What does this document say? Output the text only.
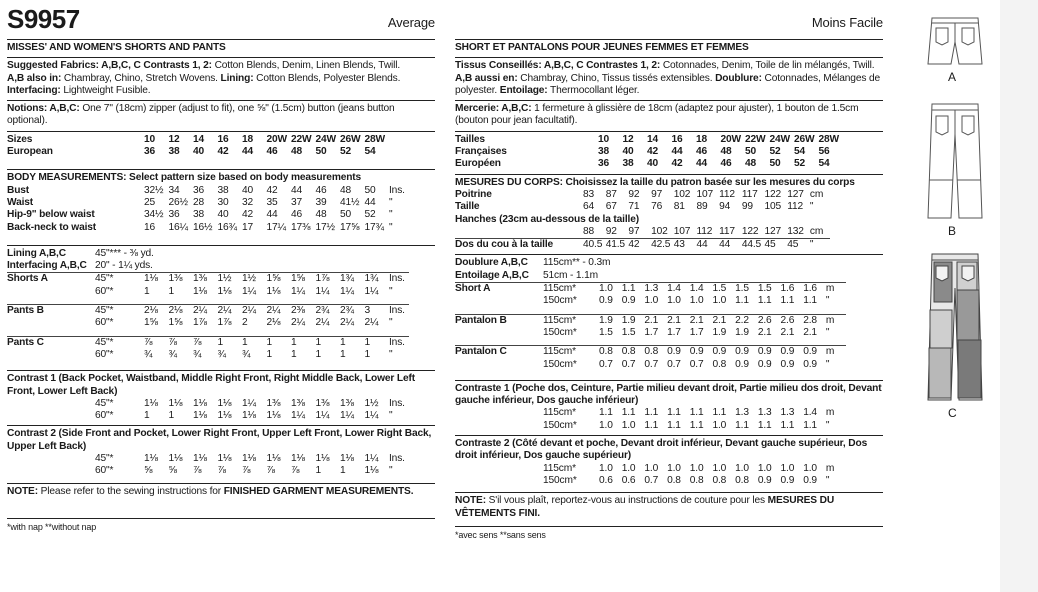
S9957	Average
MISSES' AND WOMEN'S SHORTS AND PANTS

Suggested Fabrics: A,B,C, C Contrasts 1, 2: Cotton Blends, Denim, Linen Blends, Twill.

A,B also in: Chambray, Chino, Stretch Wovens. Lining: Cotton Blends, Polyester Blends.

Interfacing: Lightweight Fusible.

Notions: A,B,C: One 7" (18cm) zipper (adjust to fit), one ⅝" (1.5cm) button (jeans button optional).

Sizes	10	12	14	16	18	20W	22W	24W	26W	28W	
European	36	38	40	42	44	46	48	50	52	54	
BODY MEASUREMENTS: Select pattern size based on body measurements
Bust	32½	34	36	38	40	42	44	46	48	50	Ins.
Waist	25	26½	28	30	32	35	37	39	41½	44	"
Hip-9" below waist	34½	36	38	40	42	44	46	48	50	52	"
Back-neck to waist	16	16¼	16½	16¾	17	17¼	17⅜	17½	17⅝	17¾	"
Lining A,B,C	45"*** - ⅜ yd.
Interfacing A,B,C	20" - 1¼ yds.
Shorts A	45"*	1⅛	1⅜	1⅜	1½	1½	1⅝	1⅝	1⅞	1¾	1¾	Ins.
	60"*	1	1	1⅛	1⅛	1¼	1⅛	1¼	1¼	1¼	1¼	"

Pants B	45"*	2⅛	2⅛	2¼	2¼	2¼	2¼	2⅜	2¾	2¾	3	Ins.
	60"*	1⅝	1⅝	1⅞	1⅞	2	2⅛	2¼	2¼	2¼	2¼	"

Pants C	45"*	⅞	⅞	⅞	1	1	1	1	1	1	1	Ins.
	60"*	¾	¾	¾	¾	¾	1	1	1	1	1	"

Contrast 1 (Back Pocket, Waistband, Middle Right Front, Right Middle Back, Lower Left Front, Lower Left Back)
	45"*	1⅛	1⅛	1⅛	1⅛	1¼	1⅜	1⅜	1⅜	1⅜	1½	Ins.
	60"*	1	1	1⅛	1⅛	1⅛	1⅛	1¼	1¼	1¼	1¼	"
Contrast 2 (Side Front and Pocket, Lower Right Front, Upper Left Front, Lower Right Back, Upper Left Back)
	45"*	1⅛	1⅛	1⅛	1⅛	1⅛	1⅛	1⅛	1⅛	1⅛	1¼	Ins.
	60"*	⅝	⅝	⅞	⅞	⅞	⅞	⅞	1	1	1⅛	"

NOTE: Please refer to the sewing instructions for FINISHED GARMENT MEASUREMENTS.

*with nap **without nap
Moins Facile
SHORT ET PANTALONS POUR JEUNES FEMMES ET FEMMES

Tissus Conseillés: A,B,C, C Contrastes 1, 2: Cotonnades, Denim, Toile de lin mélangés, Twill.

A,B aussi en: Chambray, Chino, Tissus tissés extensibles. Doublure: Cotonnades, Mélanges de polyester. Entoilage: Thermocollant léger.

Mercerie: A,B,C: 1 fermeture à glissière de 18cm (adaptez pour ajuster), 1 bouton de 1.5cm (bouton pour jean facultatif).

Tailles	10	12	14	16	18	20W	22W	24W	26W	28W	
Françaises	38	40	42	44	46	48	50	52	54	56	
Européen	36	38	40	42	44	46	48	50	52	54	
MESURES DU CORPS: Choisissez la taille du patron basée sur les mesures du corps
Poitrine	83	87	92	97	102	107	112	117	122	127	cm
Taille	64	67	71	76	81	89	94	99	105	112	"
Hanches (23cm au-dessous de la taille)											
	88	92	97	102	107	112	117	122	127	132	cm
Dos du cou à la taille	40.5	41.5	42	42.5	43	44	44	44.5	45	45	"
Doublure A,B,C	115cm** - 0.3m
Entoilage A,B,C	51cm - 1.1m
Short A	115cm*	1.0	1.1	1.3	1.4	1.4	1.5	1.5	1.5	1.6	1.6	m
	150cm*	0.9	0.9	1.0	1.0	1.0	1.0	1.1	1.1	1.1	1.1	"

Pantalon B	115cm*	1.9	1.9	2.1	2.1	2.1	2.1	2.2	2.6	2.6	2.8	m
	150cm*	1.5	1.5	1.7	1.7	1.7	1.9	1.9	2.1	2.1	2.1	"

Pantalon C	115cm*	0.8	0.8	0.8	0.9	0.9	0.9	0.9	0.9	0.9	0.9	m
	150cm*	0.7	0.7	0.7	0.7	0.7	0.8	0.9	0.9	0.9	0.9	"

Contraste 1 (Poche dos, Ceinture, Partie milieu devant droit, Partie milieu dos droit, Devant gauche inférieur, Dos gauche inférieur)
	115cm*	1.1	1.1	1.1	1.1	1.1	1.1	1.3	1.3	1.3	1.4	m
	150cm*	1.0	1.0	1.1	1.1	1.1	1.0	1.1	1.1	1.1	1.1	"
Contraste 2 (Côté devant et poche, Devant droit inférieur, Devant gauche supérieur, Dos droit inférieur, Dos gauche supérieur)
	115cm*	1.0	1.0	1.0	1.0	1.0	1.0	1.0	1.0	1.0	1.0	m
	150cm*	0.6	0.6	0.7	0.8	0.8	0.8	0.8	0.9	0.9	0.9	"

NOTE: S'il vous plaît, reportez-vous au instructions de couture pour les MESURES DU VÊTEMENTS FINI.

*avec sens **sans sens
A
B
C
